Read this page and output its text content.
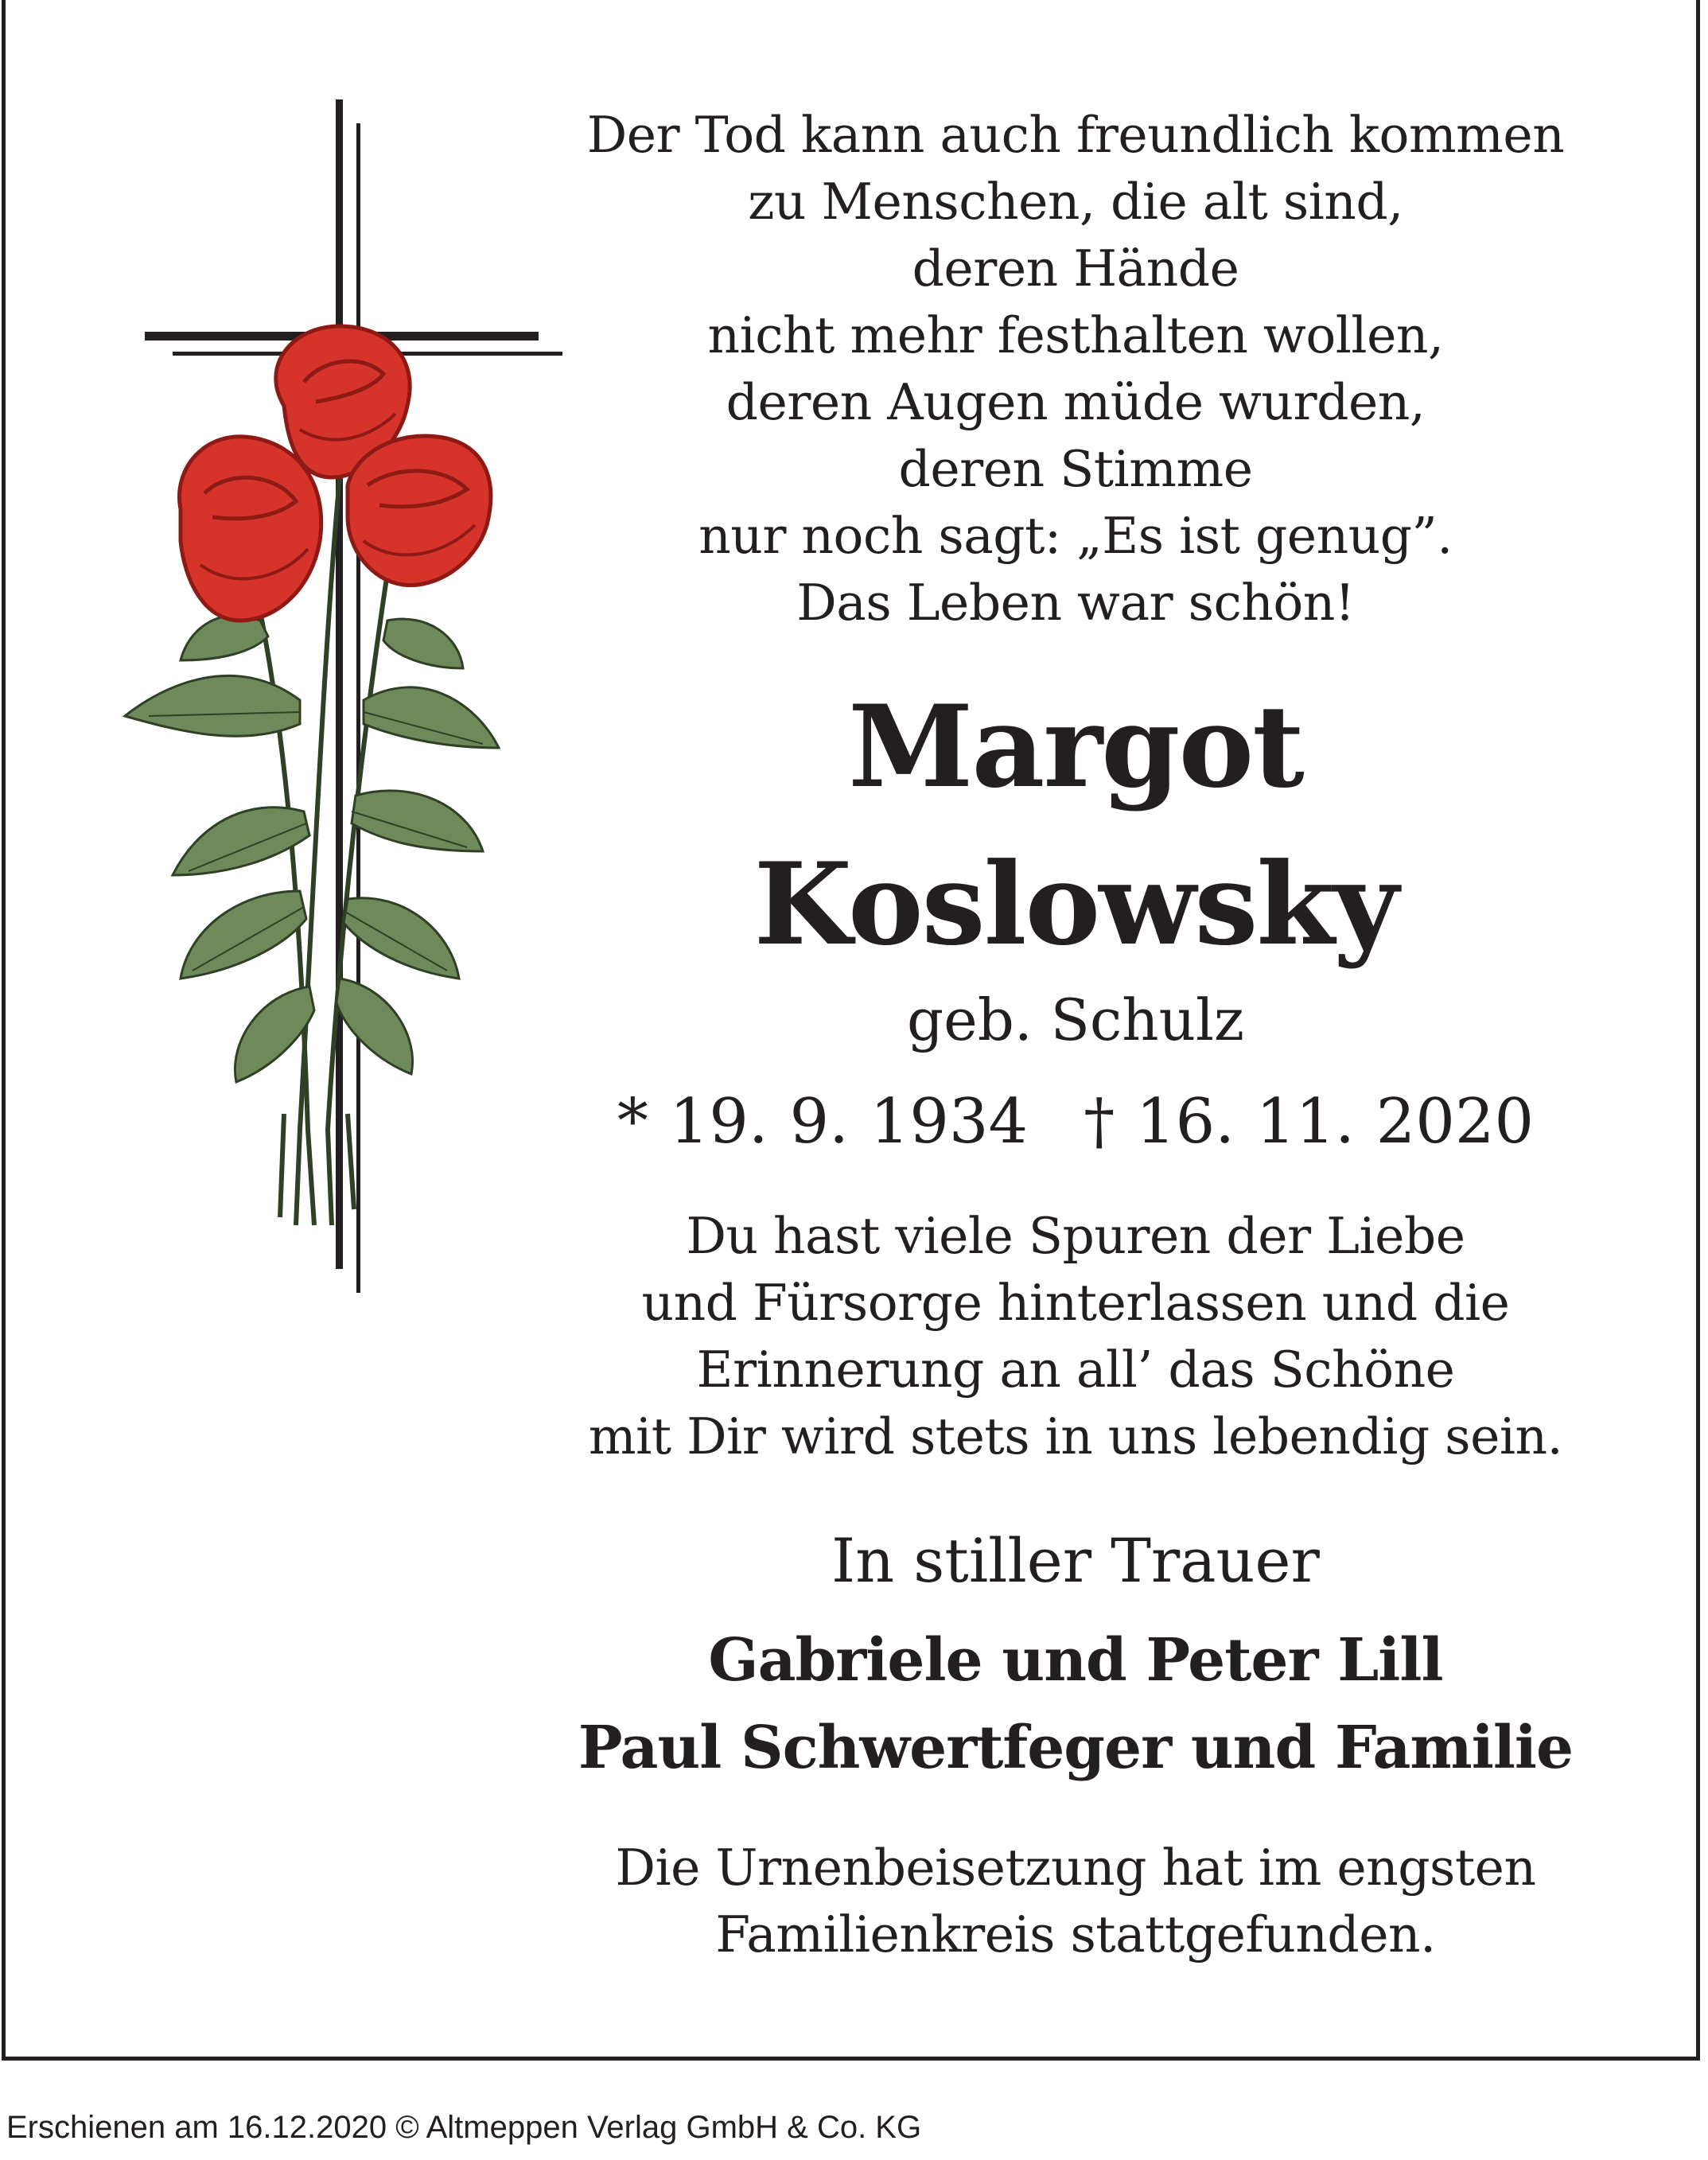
Der Tod kann auch freundlich kommen
zu Menschen, die alt sind,
deren Hände
nicht mehr festhalten wollen,
deren Augen müde wurden,
deren Stimme
nur noch sagt: „Es ist genug”.
Das Leben war schön!
Margot
Koslowsky
geb. Schulz
* 19. 9. 1934 † 16. 11. 2020
Du hast viele Spuren der Liebe
und Fürsorge hinterlassen und die
Erinnerung an all’ das Schöne
mit Dir wird stets in uns lebendig sein.
In stiller Trauer
Gabriele und Peter Lill
Paul Schwertfeger und Familie
Die Urnenbeisetzung hat im engsten
Familienkreis stattgefunden.
Erschienen am 16.12.2020 © Altmeppen Verlag GmbH & Co. KG
